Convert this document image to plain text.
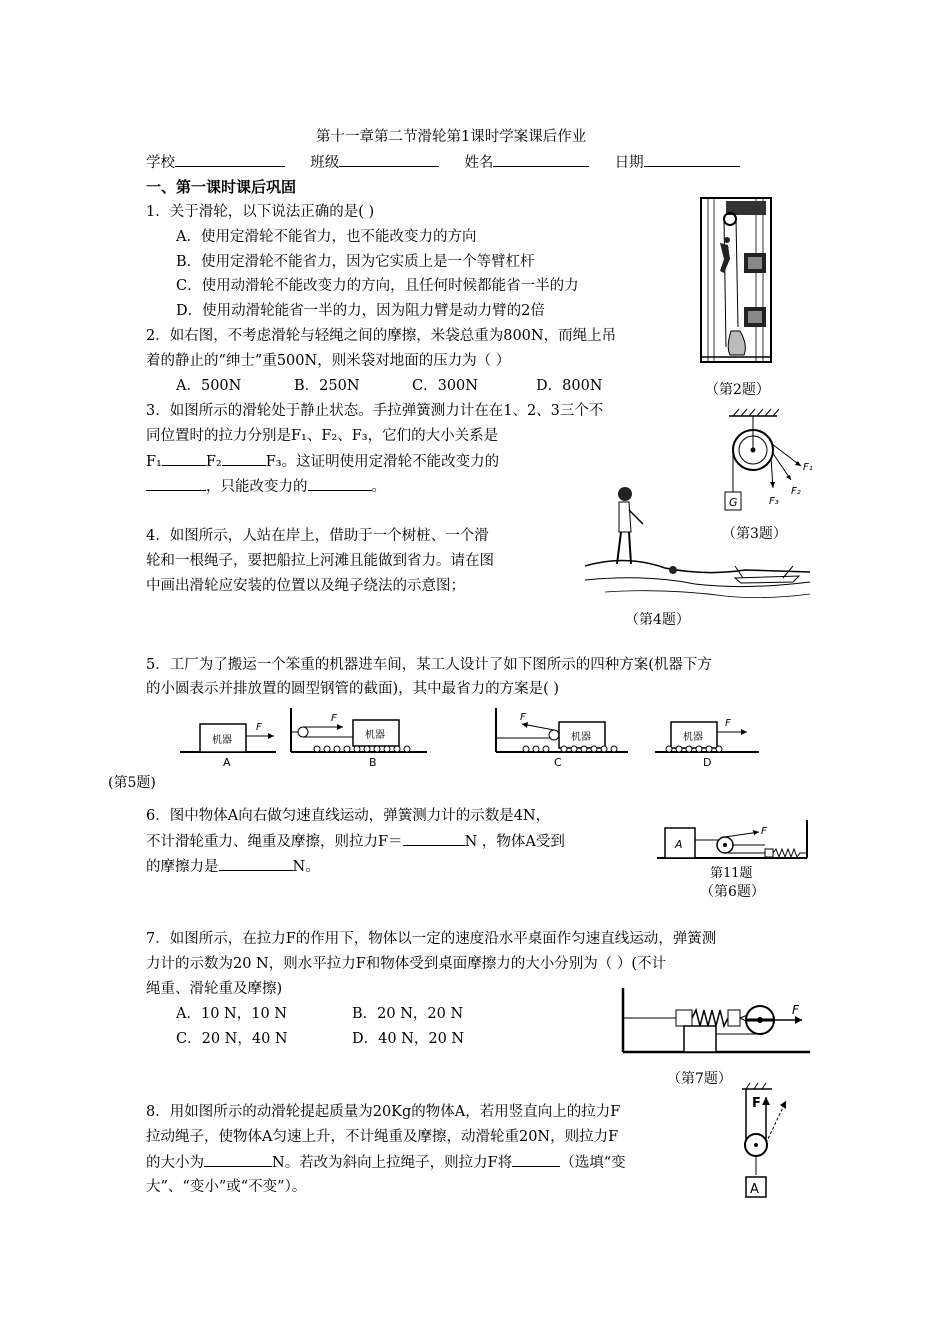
第十一章第二节滑轮第1课时学案课后作业
学校	班级	姓名	日期
一、第一课时课后巩固
1．关于滑轮，以下说法正确的是( )
A．使用定滑轮不能省力，也不能改变力的方向
B．使用定滑轮不能省力，因为它实质上是一个等臂杠杆
C．使用动滑轮不能改变力的方向，且任何时候都能省一半的力
D．使用动滑轮能省一半的力，因为阻力臂是动力臂的2倍
2．如右图，不考虑滑轮与轻绳之间的摩擦，米袋总重为800N，而绳上吊
着的静止的“绅士”重500N，则米袋对地面的压力为（ ）
A．500N	B．250N	C．300N	D．800N
3．如图所示的滑轮处于静止状态。手拉弹簧测力计在在1、2、3三个不
同位置时的拉力分别是F₁、F₂、F₃，它们的大小关系是
F₁	F₂	F₃。这证明使用定滑轮不能改变力的
，只能改变力的	。
4．如图所示，人站在岸上，借助于一个树桩、一个滑
轮和一根绳子，要把船拉上河滩且能做到省力。请在图
中画出滑轮应安装的位置以及绳子绕法的示意图；
5．工厂为了搬运一个笨重的机器进车间，某工人设计了如下图所示的四种方案(机器下方
的小圆表示并排放置的圆型钢管的截面)，其中最省力的方案是( )
6．图中物体A向右做匀速直线运动，弹簧测力计的示数是4N，
不计滑轮重力、绳重及摩擦，则拉力F＝	N ，物体A受到
的摩擦力是	N。
7．如图所示，在拉力F的作用下，物体以一定的速度沿水平桌面作匀速直线运动，弹簧测
力计的示数为20 N，则水平拉力F和物体受到桌面摩擦力的大小分别为（ ）(不计
绳重、滑轮重及摩擦)
A．10 N，10 N	B．20 N，20 N
C．20 N，40 N	D．40 N，20 N
8．用如图所示的动滑轮提起质量为20Kg的物体A，若用竖直向上的拉力F
拉动绳子，使物体A匀速上升，不计绳重及摩擦，动滑轮重20N，则拉力F
的大小为	N。若改为斜向上拉绳子，则拉力F将	（选填“变
大”、“变小”或“不变”）。
（第2题）
G
F₁
F₂
F₃
（第3题）
（第4题）
机器
F
A
F
机器
B
F
机器
C
机器
F
D
(第5题)
A
F
第11题
（第6题）
F
（第7题）
F
A
